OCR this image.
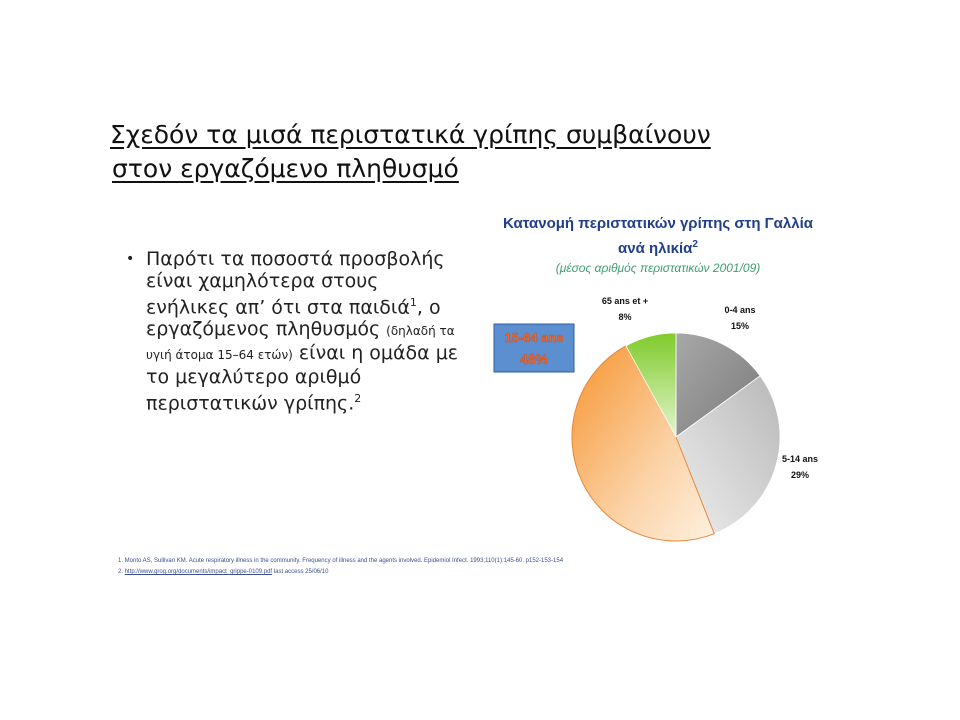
Σχεδόν τα μισά περιστατικά γρίπης συμβαίνουν
στον εργαζόμενο πληθυσμό
• Παρότι τα ποσοστά προσβολής είναι χαμηλότερα στους ενήλικες απ’ ότι στα παιδιά$^1$, ο εργαζόμενος πληθυσμός (δηλαδή τα υγιή άτομα 15–64 ετών) είναι η ομάδα με το μεγαλύτερο αριθμό περιστατικών γρίπης.$^2$
Κατανομή περιστατικών γρίπης στη Γαλλία ανά ηλικία$^2$
(μέσος αριθμός περιστατικών 2001/09)
0-4 ans
15%
5-14 ans
29%
15-64 ans
48%
65 ans et +
8%
1. Monto AS, Sullivan KM. Acute respiratory illness in the community. Frequency of illness and the agents involved. Epidemiol Infect. 1993;110(1):145-60. p152-153-154
2. http://www.grog.org/documents/impact_grippe-0109.pdf last access 25/06/10
